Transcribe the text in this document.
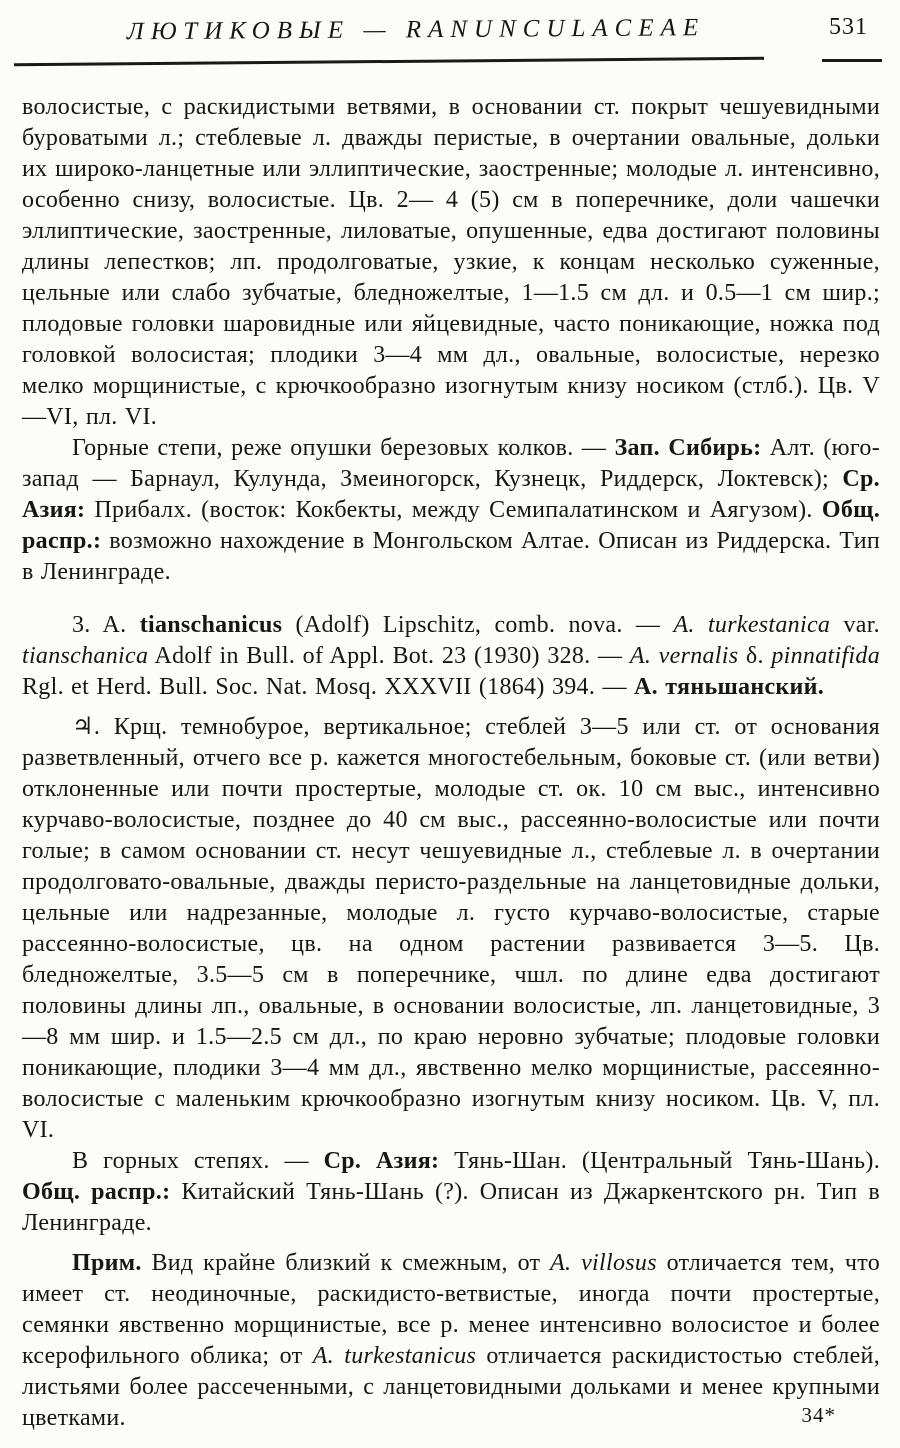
ЛЮТИКОВЫЕ — RANUNCULACEAE	531

волосистые, с раскидистыми ветвями, в основании ст. покрыт чешуевидными буроватыми л.; стеблевые л. дважды перистые, в очертании овальные, дольки их широко-ланцетные или эллиптические, заостренные; молодые л. интенсивно, особенно снизу, волосистые. Цв. 2— 4 (5) см в поперечнике, доли чашечки эллиптические, заостренные, лиловатые, опушенные, едва достигают половины длины лепестков; лп. продолговатые, узкие, к концам несколько суженные, цельные или слабо зубчатые, бледножелтые, 1—1.5 см дл. и 0.5—1 см шир.; плодовые головки шаровидные или яйцевидные, часто поникающие, ножка под головкой волосистая; плодики 3—4 мм дл., овальные, волосистые, нерезко мелко морщинистые, с крючкообразно изогнутым книзу носиком (стлб.). Цв. V—VI, пл. VI.

Горные степи, реже опушки березовых колков. — Зап. Сибирь: Алт. (юго-запад — Барнаул, Кулунда, Змеиногорск, Кузнецк, Риддерск, Локтевск); Ср. Азия: Прибалх. (восток: Кокбекты, между Семипалатинском и Аягузом). Общ. распр.: возможно нахождение в Монгольском Алтае. Описан из Риддерска. Тип в Ленинграде.

3. A. tianschanicus (Adolf) Lipschitz, comb. nova. — A. turkestanica var. tianschanica Adolf in Bull. of Appl. Bot. 23 (1930) 328. — A. vernalis δ. pinnatifida Rgl. et Herd. Bull. Soc. Nat. Mosq. XXXVII (1864) 394. — А. тяньшанский.

♃. Крщ. темнобурое, вертикальное; стеблей 3—5 или ст. от основания разветвленный, отчего все р. кажется многостебельным, боковые ст. (или ветви) отклоненные или почти простертые, молодые ст. ок. 10 см выс., интенсивно курчаво-волосистые, позднее до 40 см выс., рассеянно-волосистые или почти голые; в самом основании ст. несут чешуевидные л., стеблевые л. в очертании продолговато-овальные, дважды перисто-раздельные на ланцетовидные дольки, цельные или надрезанные, молодые л. густо курчаво-волосистые, старые рассеянно-волосистые, цв. на одном растении развивается 3—5. Цв. бледножелтые, 3.5—5 см в поперечнике, чшл. по длине едва достигают половины длины лп., овальные, в основании волосистые, лп. ланцетовидные, 3—8 мм шир. и 1.5—2.5 см дл., по краю неровно зубчатые; плодовые головки поникающие, плодики 3—4 мм дл., явственно мелко морщинистые, рассеянно-волосистые с маленьким крючкообразно изогнутым книзу носиком. Цв. V, пл. VI.

В горных степях. — Ср. Азия: Тянь-Шан. (Центральный Тянь-Шань). Общ. распр.: Китайский Тянь-Шань (?). Описан из Джаркентского рн. Тип в Ленинграде.

Прим. Вид крайне близкий к смежным, от A. villosus отличается тем, что имеет ст. неодиночные, раскидисто-ветвистые, иногда почти простертые, семянки явственно морщинистые, все р. менее интенсивно волосистое и более ксерофильного облика; от A. turkestanicus отличается раскидистостью стеблей, листьями более рассеченными, с ланцетовидными дольками и менее крупными цветками.	34*
